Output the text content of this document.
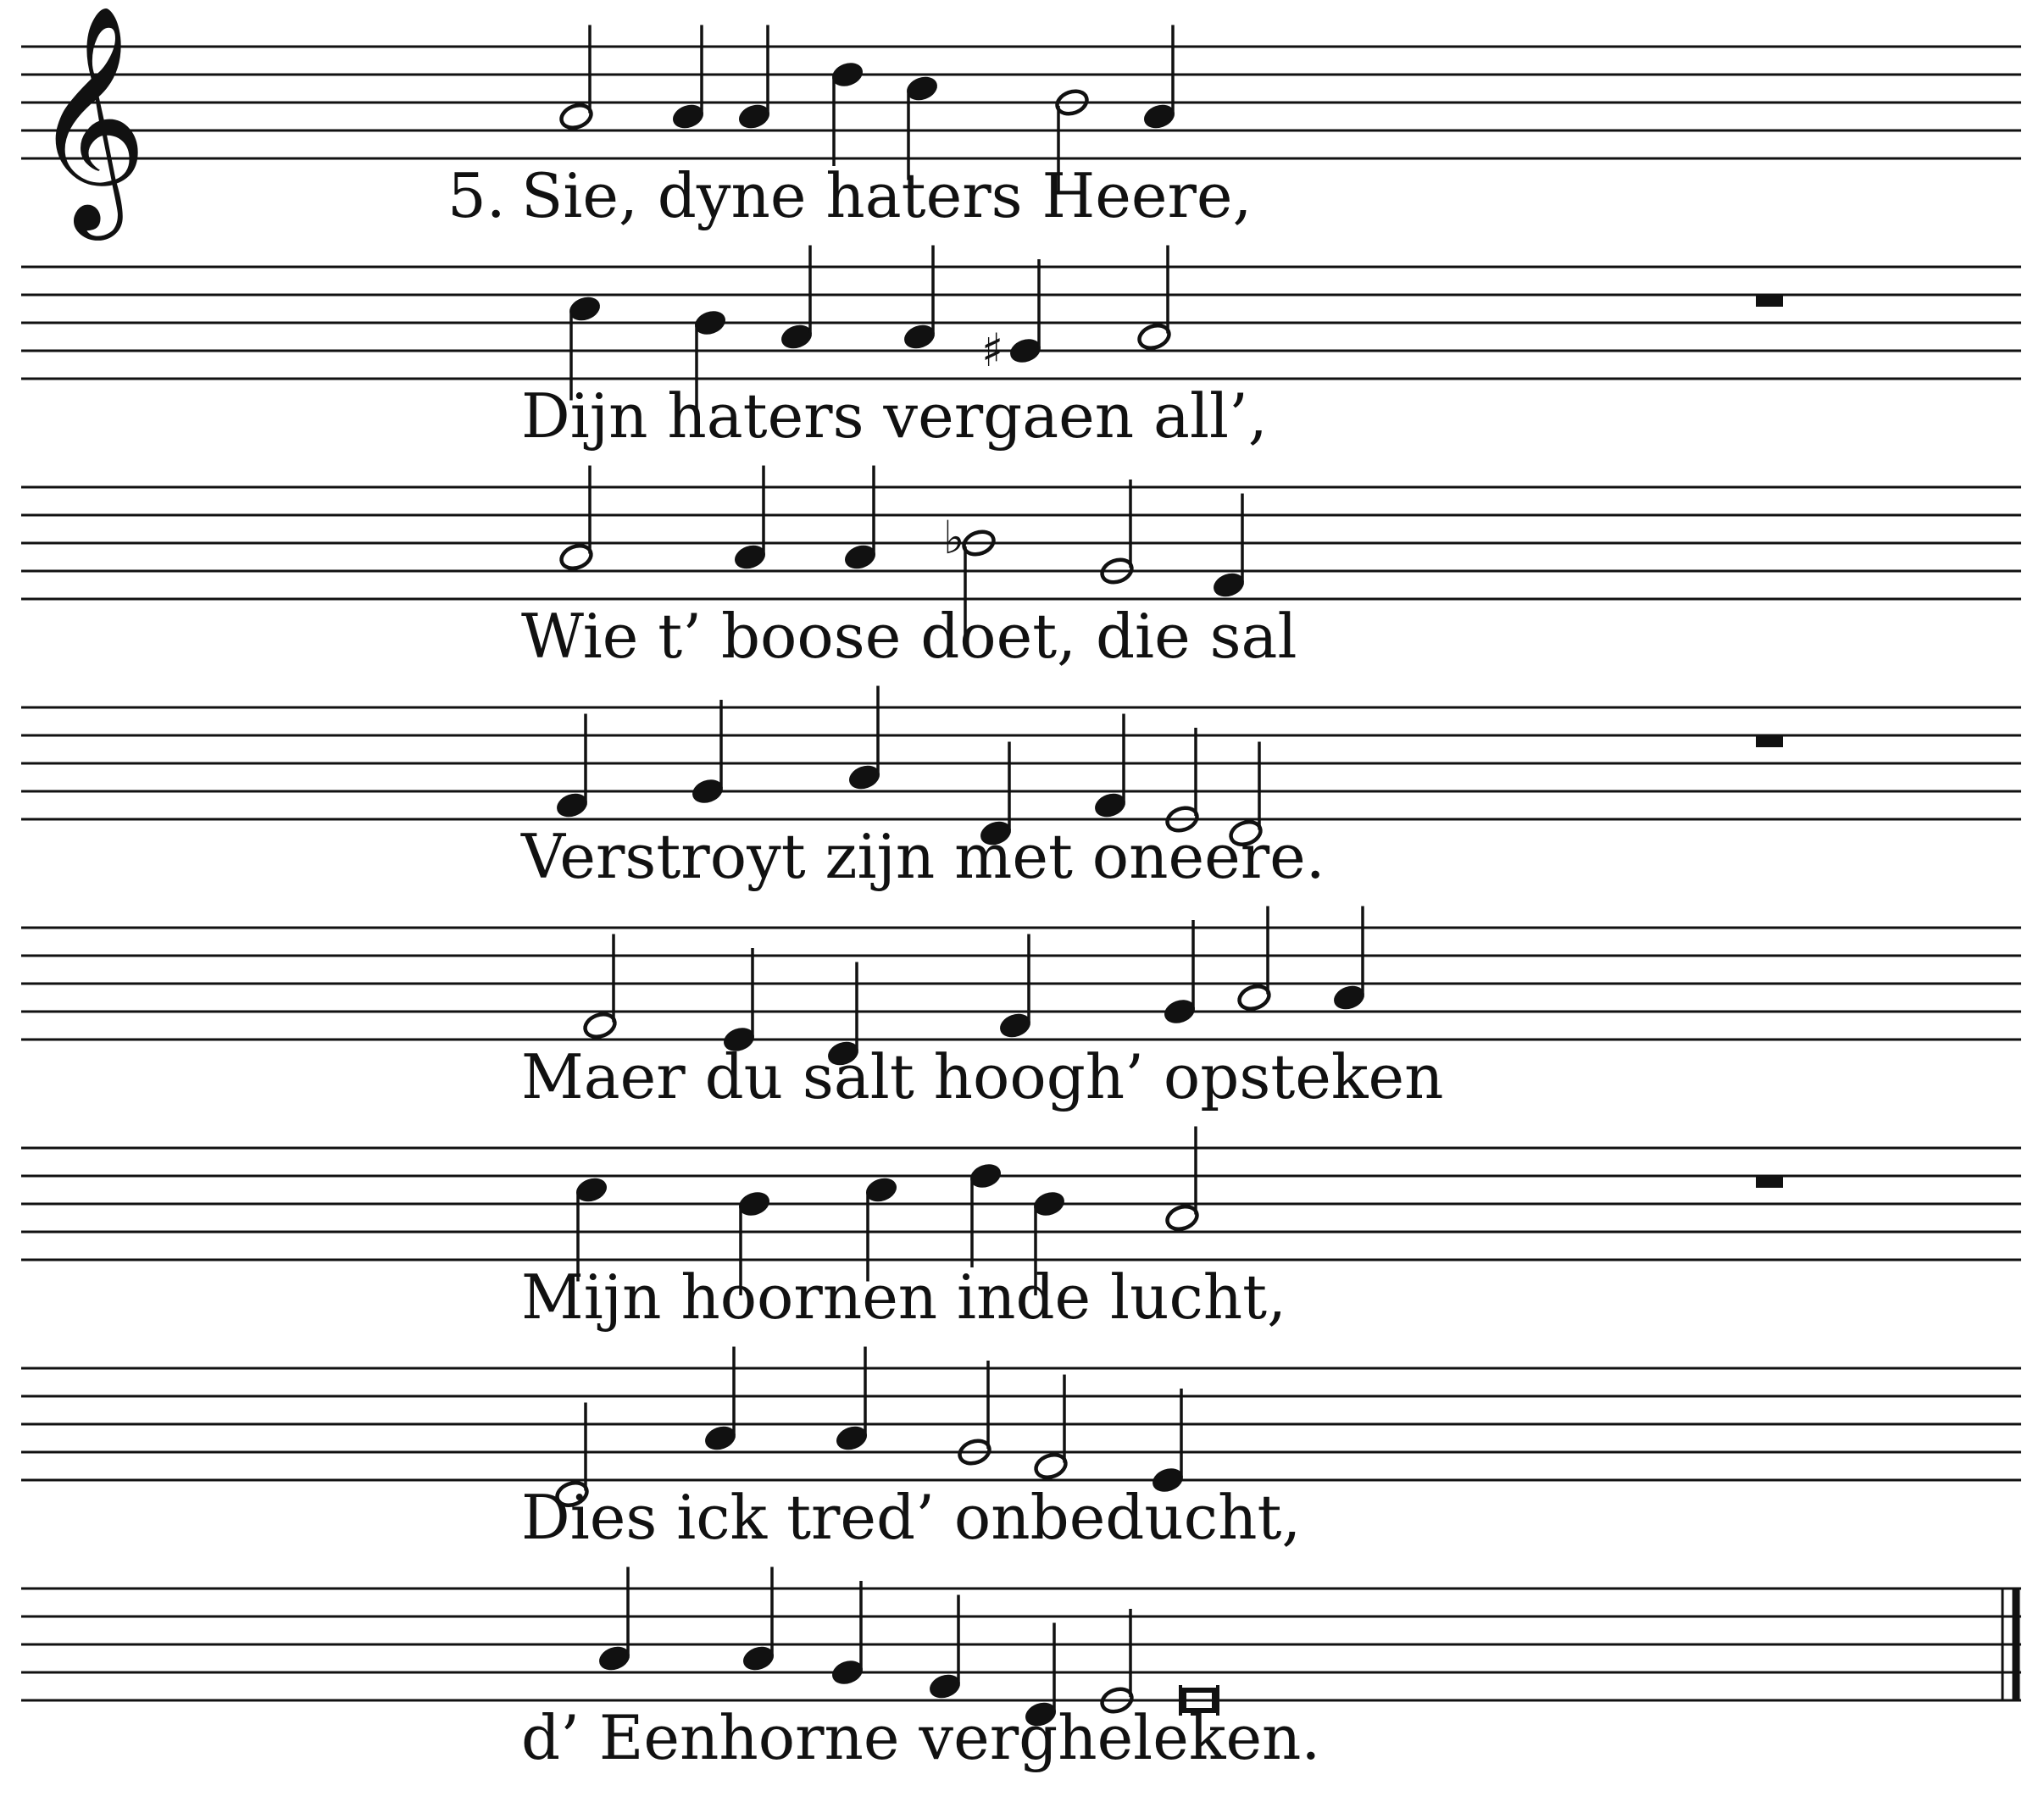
𝄞
♯
♭
5. Sie, dyne haters Heere,
Dijn haters vergaen all’,
Wie t’ boose doet, die sal
Verstroyt zijn met oneere.
Maer du salt hoogh’ opsteken
Mijn hoornen inde lucht,
Dies ick tred’ onbeducht,
d’ Eenhorne vergheleken.
